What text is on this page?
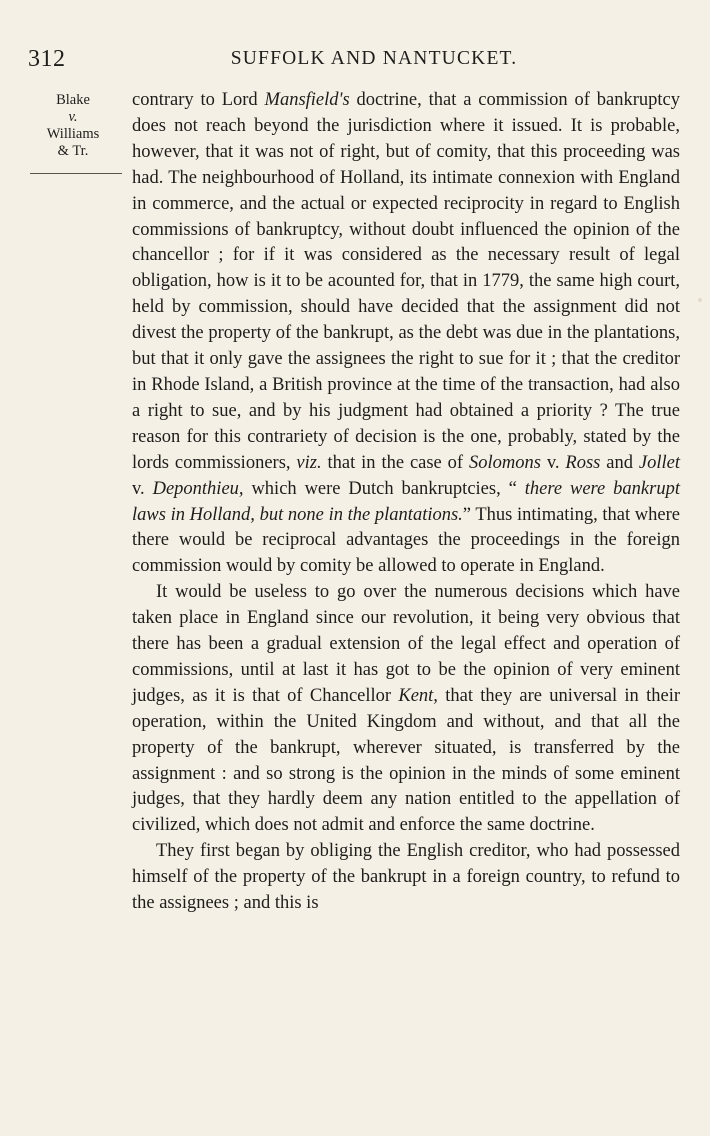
312	SUFFOLK AND NANTUCKET.
Blake
v.
Williams
& Tr.

contrary to Lord Mansfield's doctrine, that a commission of bankruptcy does not reach beyond the jurisdiction where it issued. It is probable, however, that it was not of right, but of comity, that this proceeding was had. The neighbourhood of Holland, its intimate connexion with England in commerce, and the actual or expected reciprocity in regard to English commissions of bankruptcy, without doubt influenced the opinion of the chancellor ; for if it was considered as the necessary result of legal obligation, how is it to be acounted for, that in 1779, the same high court, held by commission, should have decided that the assignment did not divest the property of the bankrupt, as the debt was due in the plantations, but that it only gave the assignees the right to sue for it ; that the creditor in Rhode Island, a British province at the time of the transaction, had also a right to sue, and by his judgment had obtained a priority ? The true reason for this contrariety of decision is the one, probably, stated by the lords commissioners, viz. that in the case of Solomons v. Ross and Jollet v. Deponthieu, which were Dutch bankruptcies, “ there were bankrupt laws in Holland, but none in the plantations.” Thus intimating, that where there would be reciprocal advantages the proceedings in the foreign commission would by comity be allowed to operate in England.

It would be useless to go over the numerous decisions which have taken place in England since our revolution, it being very obvious that there has been a gradual extension of the legal effect and operation of commissions, until at last it has got to be the opinion of very eminent judges, as it is that of Chancellor Kent, that they are universal in their operation, within the United Kingdom and without, and that all the property of the bankrupt, wherever situated, is transferred by the assignment : and so strong is the opinion in the minds of some eminent judges, that they hardly deem any nation entitled to the appellation of civilized, which does not admit and enforce the same doctrine.

They first began by obliging the English creditor, who had possessed himself of the property of the bankrupt in a foreign country, to refund to the assignees ; and this is
